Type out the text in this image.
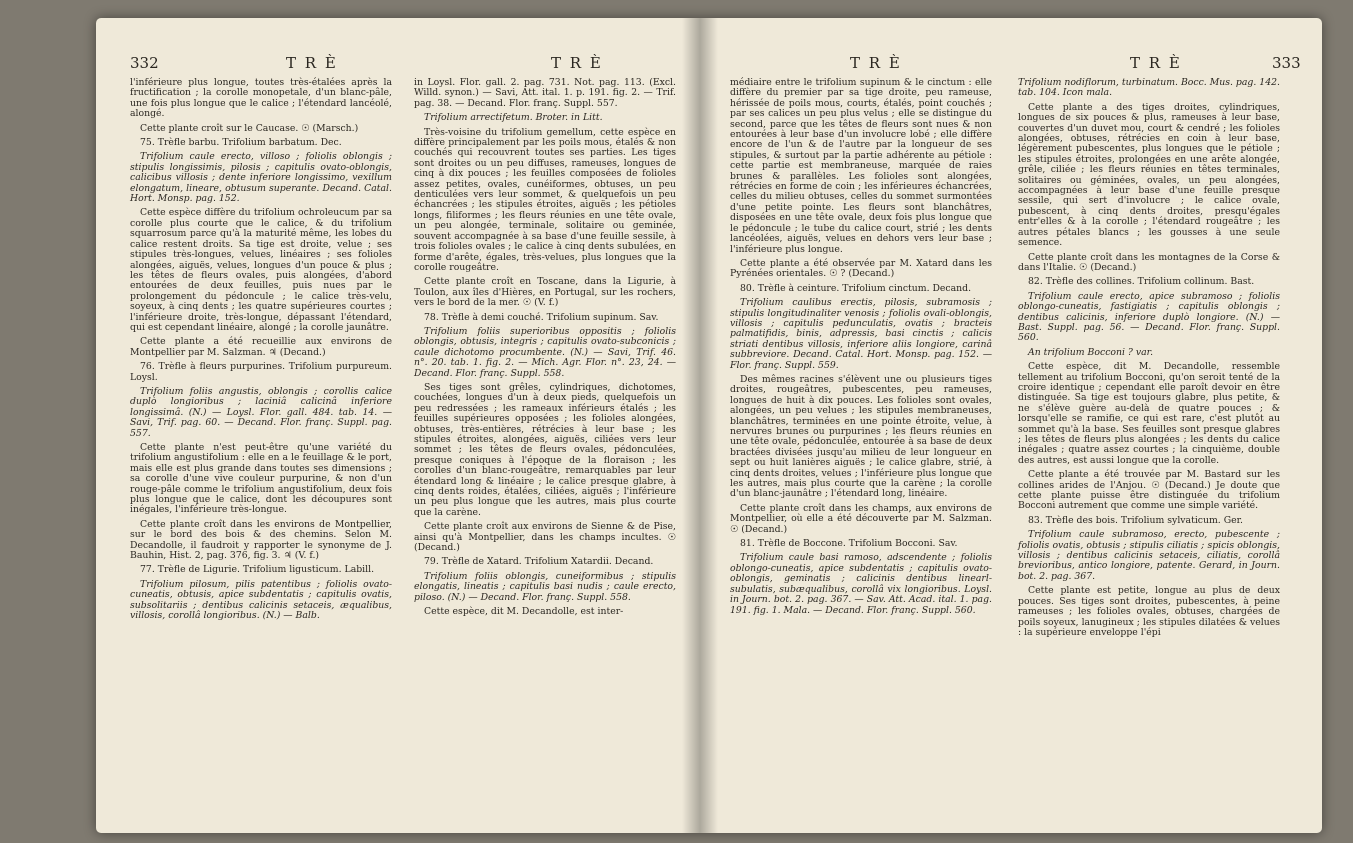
332	T R È	T R È

l'inférieure plus longue, toutes très-étalées après la fructification ; la corolle monopetale, d'un blanc-pâle, une fois plus longue que le calice ; l'étendard lancéolé, alongé.

Cette plante croît sur le Caucase. ☉ (Marsch.)

75. Trèfle barbu. Trifolium barbatum. Dec.

Trifolium caule erecto, villoso ; foliolis oblongis ; stipulis longissimis, pilosis ; capitulis ovato-oblongis, calicibus villosis ; dente inferiore longissimo, vexillum elongatum, lineare, obtusum superante. Decand. Catal. Hort. Monsp. pag. 152.

Cette espèce diffère du trifolium ochroleucum par sa corolle plus courte que le calice, & du trifolium squarrosum parce qu'à la maturité même, les lobes du calice restent droits. Sa tige est droite, velue ; ses stipules très-longues, velues, linéaires ; ses folioles alongées, aiguës, velues, longues d'un pouce & plus ; les têtes de fleurs ovales, puis alongées, d'abord entourées de deux feuilles, puis nues par le prolongement du pédoncule ; le calice très-velu, soyeux, à cinq dents ; les quatre supérieures courtes ; l'inférieure droite, très-longue, dépassant l'étendard, qui est cependant linéaire, alongé ; la corolle jaunâtre.

Cette plante a été recueillie aux environs de Montpellier par M. Salzman. ♃ (Decand.)

76. Trèfle à fleurs purpurines. Trifolium purpureum. Loysl.

Trifolium foliis angustis, oblongis ; corollis calice duplò longioribus ; laciniâ calicinâ inferiore longissimâ. (N.) — Loysl. Flor. gall. 484. tab. 14. — Savi, Trif. pag. 60. — Decand. Flor. franç. Suppl. pag. 557.

Cette plante n'est peut-être qu'une variété du trifolium angustifolium : elle en a le feuillage & le port, mais elle est plus grande dans toutes ses dimensions ; sa corolle d'une vive couleur purpurine, & non d'un rouge-pâle comme le trifolium angustifolium, deux fois plus longue que le calice, dont les découpures sont inégales, l'inférieure très-longue.

Cette plante croît dans les environs de Montpellier, sur le bord des bois & des chemins. Selon M. Decandolle, il faudroit y rapporter le synonyme de J. Bauhin, Hist. 2, pag. 376, fig. 3. ♃ (V. f.)

77. Trèfle de Ligurie. Trifolium ligusticum. Labill.

Trifolium pilosum, pilis patentibus ; foliolis ovato-cuneatis, obtusis, apice subdentatis ; capitulis ovatis, subsolitariis ; dentibus calicinis setaceis, æqualibus, villosis, corollâ longioribus. (N.) — Balb.

in Loysl. Flor. gall. 2. pag. 731. Not. pag. 113. (Excl. Willd. synon.) — Savi, Att. ital. 1. p. 191. fig. 2. — Trif. pag. 38. — Decand. Flor. franç. Suppl. 557.

Trifolium arrectifetum. Broter. in Litt.

Très-voisine du trifolium gemellum, cette espèce en diffère principalement par les poils mous, étalés & non couchés qui recouvrent toutes ses parties. Les tiges sont droites ou un peu diffuses, rameuses, longues de cinq à dix pouces ; les feuilles composées de folioles assez petites, ovales, cunéiformes, obtuses, un peu denticulées vers leur sommet, & quelquefois un peu échancrées ; les stipules étroites, aiguës ; les pétioles longs, filiformes ; les fleurs réunies en une tête ovale, un peu alongée, terminale, solitaire ou geminée, souvent accompagnée à sa base d'une feuille sessile, à trois folioles ovales ; le calice à cinq dents subulées, en forme d'arête, égales, très-velues, plus longues que la corolle rougeâtre.

Cette plante croît en Toscane, dans la Ligurie, à Toulon, aux îles d'Hières, en Portugal, sur les rochers, vers le bord de la mer. ☉ (V. f.)

78. Trèfle à demi couché. Trifolium supinum. Sav.

Trifolium foliis superioribus oppositis ; foliolis oblongis, obtusis, integris ; capitulis ovato-subconicis ; caule dichotomo procumbente. (N.) — Savi, Trif. 46. n°. 20. tab. 1. fig. 2. — Mich. Agr. Flor. n°. 23, 24. — Decand. Flor. franç. Suppl. 558.

Ses tiges sont grêles, cylindriques, dichotomes, couchées, longues d'un à deux pieds, quelquefois un peu redressées ; les rameaux inférieurs étalés ; les feuilles supérieures opposées ; les folioles alongées, obtuses, très-entières, rétrécies à leur base ; les stipules étroites, alongées, aiguës, ciliées vers leur sommet ; les têtes de fleurs ovales, pédonculées, presque coniques à l'époque de la floraison ; les corolles d'un blanc-rougeâtre, remarquables par leur étendard long & linéaire ; le calice presque glabre, à cinq dents roides, étalées, ciliées, aiguës ; l'inférieure un peu plus longue que les autres, mais plus courte que la carène.

Cette plante croît aux environs de Sienne & de Pise, ainsi qu'à Montpellier, dans les champs incultes. ☉ (Decand.)

79. Trèfle de Xatard. Trifolium Xatardii. Decand.

Trifolium foliis oblongis, cuneiformibus ; stipulis elongatis, lineatis ; capitulis basi nudis ; caule erecto, piloso. (N.) — Decand. Flor. franç. Suppl. 558.

Cette espèce, dit M. Decandolle, est inter-

T R È	T R È	333

médiaire entre le trifolium supinum & le cinctum : elle diffère du premier par sa tige droite, peu rameuse, hérissée de poils mous, courts, étalés, point couchés ; par ses calices un peu plus velus ; elle se distingue du second, parce que les têtes de fleurs sont nues & non entourées à leur base d'un involucre lobé ; elle diffère encore de l'un & de l'autre par la longueur de ses stipules, & surtout par la partie adhérente au pétiole : cette partie est membraneuse, marquée de raies brunes & parallèles. Les folioles sont alongées, rétrécies en forme de coin ; les inférieures échancrées, celles du milieu obtuses, celles du sommet surmontées d'une petite pointe. Les fleurs sont blanchâtres, disposées en une tête ovale, deux fois plus longue que le pédoncule ; le tube du calice court, strié ; les dents lancéolées, aiguës, velues en dehors vers leur base ; l'inférieure plus longue.

Cette plante a été observée par M. Xatard dans les Pyrénées orientales. ☉ ? (Decand.)

80. Trèfle à ceinture. Trifolium cinctum. Decand.

Trifolium caulibus erectis, pilosis, subramosis ; stipulis longitudinaliter venosis ; foliolis ovali-oblongis, villosis ; capitulis pedunculatis, ovatis ; bracteis palmatifidis, binis, adpressis, basi cinctis ; calicis striati dentibus villosis, inferiore aliis longiore, carinâ subbreviore. Decand. Catal. Hort. Monsp. pag. 152. — Flor. franç. Suppl. 559.

Des mêmes racines s'élèvent une ou plusieurs tiges droites, rougeâtres, pubescentes, peu rameuses, longues de huit à dix pouces. Les folioles sont ovales, alongées, un peu velues ; les stipules membraneuses, blanchâtres, terminées en une pointe étroite, velue, à nervures brunes ou purpurines ; les fleurs réunies en une tête ovale, pédonculée, entourée à sa base de deux bractées divisées jusqu'au milieu de leur longueur en sept ou huit lanières aiguës ; le calice glabre, strié, à cinq dents droites, velues ; l'inférieure plus longue que les autres, mais plus courte que la carène ; la corolle d'un blanc-jaunâtre ; l'étendard long, linéaire.

Cette plante croît dans les champs, aux environs de Montpellier, où elle a été découverte par M. Salzman. ☉ (Decand.)

81. Trèfle de Boccone. Trifolium Bocconi. Sav.

Trifolium caule basi ramoso, adscendente ; foliolis oblongo-cuneatis, apice subdentatis ; capitulis ovato-oblongis, geminatis ; calicinis dentibus linearl-subulatis, subæqualibus, corollâ vix longioribus. Loysl. in Journ. bot. 2. pag. 367. — Sav. Att. Acad. ital. 1. pag. 191. fig. 1. Mala. — Decand. Flor. franç. Suppl. 560.

Trifolium nodiflorum, turbinatum. Bocc. Mus. pag. 142. tab. 104. Icon mala.

Cette plante a des tiges droites, cylindriques, longues de six pouces & plus, rameuses à leur base, couvertes d'un duvet mou, court & cendré ; les folioles alongées, obtuses, rétrécies en coin à leur base, légèrement pubescentes, plus longues que le pétiole ; les stipules étroites, prolongées en une arête alongée, grêle, ciliée ; les fleurs réunies en têtes terminales, solitaires ou géminées, ovales, un peu alongées, accompagnées à leur base d'une feuille presque sessile, qui sert d'involucre ; le calice ovale, pubescent, à cinq dents droites, presqu'égales entr'elles & à la corolle ; l'étendard rougeâtre ; les autres pétales blancs ; les gousses à une seule semence.

Cette plante croît dans les montagnes de la Corse & dans l'Italie. ☉ (Decand.)

82. Trèfle des collines. Trifolium collinum. Bast.

Trifolium caule erecto, apice subramoso ; foliolis oblongo-cuneatis, fastigiatis ; capitulis oblongis ; dentibus calicinis, inferiore duplò longiore. (N.) — Bast. Suppl. pag. 56. — Decand. Flor. franç. Suppl. 560.

An trifolium Bocconi ? var.

Cette espèce, dit M. Decandolle, ressemble tellement au trifolium Bocconi, qu'on seroit tenté de la croire identique ; cependant elle paroît devoir en être distinguée. Sa tige est toujours glabre, plus petite, & ne s'élève guère au-delà de quatre pouces ; & lorsqu'elle se ramifie, ce qui est rare, c'est plutôt au sommet qu'à la base. Ses feuilles sont presque glabres ; les têtes de fleurs plus alongées ; les dents du calice inégales ; quatre assez courtes ; la cinquième, double des autres, est aussi longue que la corolle.

Cette plante a été trouvée par M. Bastard sur les collines arides de l'Anjou. ☉ (Decand.) Je doute que cette plante puisse être distinguée du trifolium Bocconi autrement que comme une simple variété.

83. Trèfle des bois. Trifolium sylvaticum. Ger.

Trifolium caule subramoso, erecto, pubescente ; foliolis ovatis, obtusis ; stipulis ciliatis ; spicis oblongis, villosis ; dentibus calicinis setaceis, ciliatis, corollâ brevioribus, antico longiore, patente. Gerard, in Journ. bot. 2. pag. 367.

Cette plante est petite, longue au plus de deux pouces. Ses tiges sont droites, pubescentes, à peine rameuses ; les folioles ovales, obtuses, chargées de poils soyeux, lanugineux ; les stipules dilatées & velues : la supérieure enveloppe l'épi
